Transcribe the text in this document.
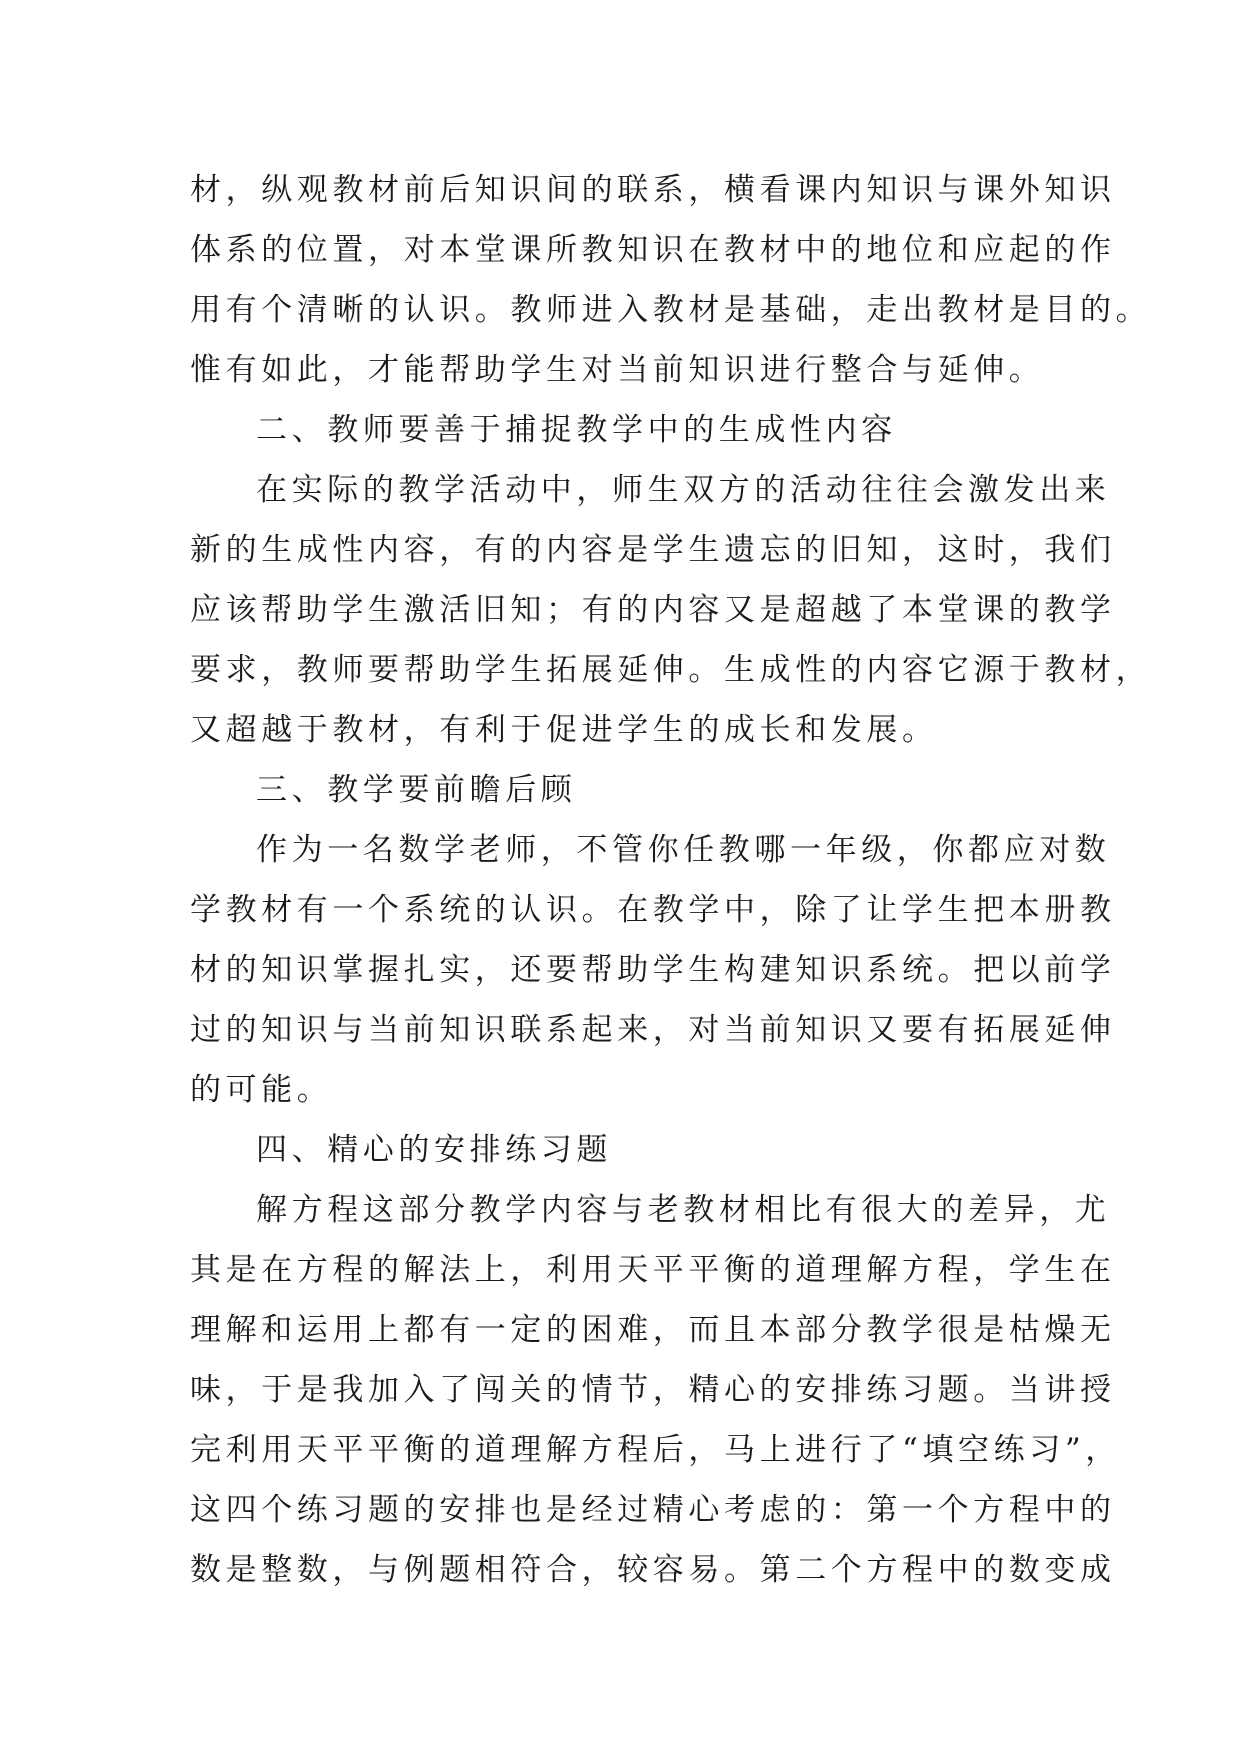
材，纵观教材前后知识间的联系，横看课内知识与课外知识
体系的位置，对本堂课所教知识在教材中的地位和应起的作
用有个清晰的认识。教师进入教材是基础，走出教材是目的。
惟有如此，才能帮助学生对当前知识进行整合与延伸。
二、教师要善于捕捉教学中的生成性内容
在实际的教学活动中，师生双方的活动往往会激发出来
新的生成性内容，有的内容是学生遗忘的旧知，这时，我们
应该帮助学生激活旧知；有的内容又是超越了本堂课的教学
要求，教师要帮助学生拓展延伸。生成性的内容它源于教材，
又超越于教材，有利于促进学生的成长和发展。
三、教学要前瞻后顾
作为一名数学老师，不管你任教哪一年级，你都应对数
学教材有一个系统的认识。在教学中，除了让学生把本册教
材的知识掌握扎实，还要帮助学生构建知识系统。把以前学
过的知识与当前知识联系起来，对当前知识又要有拓展延伸
的可能。
四、精心的安排练习题
解方程这部分教学内容与老教材相比有很大的差异，尤
其是在方程的解法上，利用天平平衡的道理解方程，学生在
理解和运用上都有一定的困难，而且本部分教学很是枯燥无
味，于是我加入了闯关的情节，精心的安排练习题。当讲授
完利用天平平衡的道理解方程后，马上进行了“填空练习”，
这四个练习题的安排也是经过精心考虑的：第一个方程中的
数是整数，与例题相符合，较容易。第二个方程中的数变成
